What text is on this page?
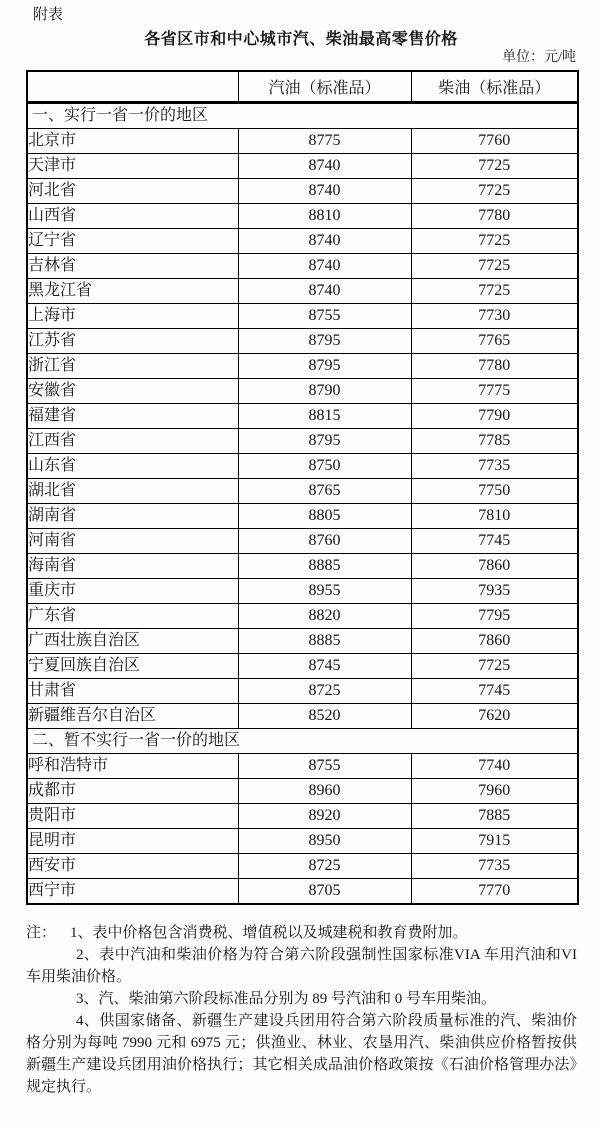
附表
各省区市和中心城市汽、柴油最高零售价格
单位：元/吨
	汽油（标准品）	柴油（标准品）
一、实行一省一价的地区		
北京市	8775	7760
天津市	8740	7725
河北省	8740	7725
山西省	8810	7780
辽宁省	8740	7725
吉林省	8740	7725
黑龙江省	8740	7725
上海市	8755	7730
江苏省	8795	7765
浙江省	8795	7780
安徽省	8790	7775
福建省	8815	7790
江西省	8795	7785
山东省	8750	7735
湖北省	8765	7750
湖南省	8805	7810
河南省	8760	7745
海南省	8885	7860
重庆市	8955	7935
广东省	8820	7795
广西壮族自治区	8885	7860
宁夏回族自治区	8745	7725
甘肃省	8725	7745
新疆维吾尔自治区	8520	7620
二、暂不实行一省一价的地区		
呼和浩特市	8755	7740
成都市	8960	7960
贵阳市	8920	7885
昆明市	8950	7915
西安市	8725	7735
西宁市	8705	7770

注： 1、表中价格包含消费税、增值税以及城建税和教育费附加。

2、表中汽油和柴油价格为符合第六阶段强制性国家标准VIA 车用汽油和VI车用柴油价格。

3、汽、柴油第六阶段标准品分别为 89 号汽油和 0 号车用柴油。

4、供国家储备、新疆生产建设兵团用符合第六阶段质量标准的汽、柴油价格分别为每吨 7990 元和 6975 元；供渔业、林业、农垦用汽、柴油供应价格暂按供新疆生产建设兵团用油价格执行；其它相关成品油价格政策按《石油价格管理办法》规定执行。
